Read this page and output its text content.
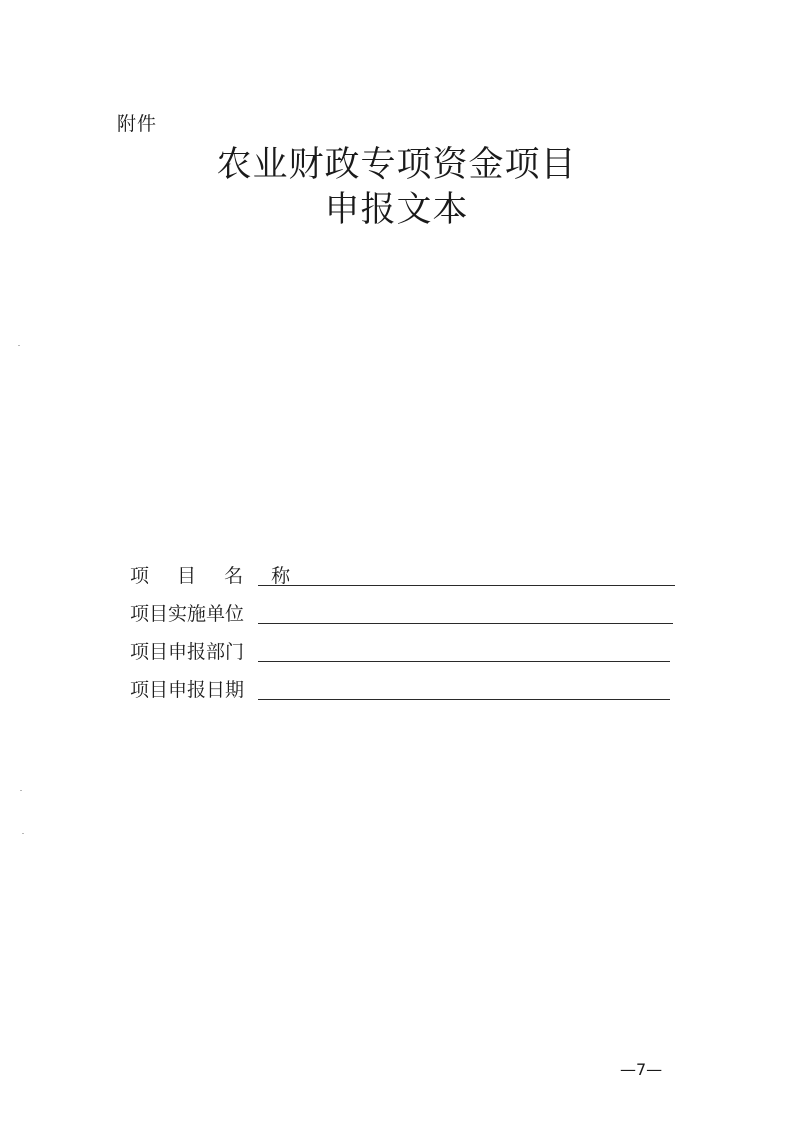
附件
农业财政专项资金项目
申报文本
项 目 名 称
项目实施单位
项目申报部门
项目申报日期
—7—
